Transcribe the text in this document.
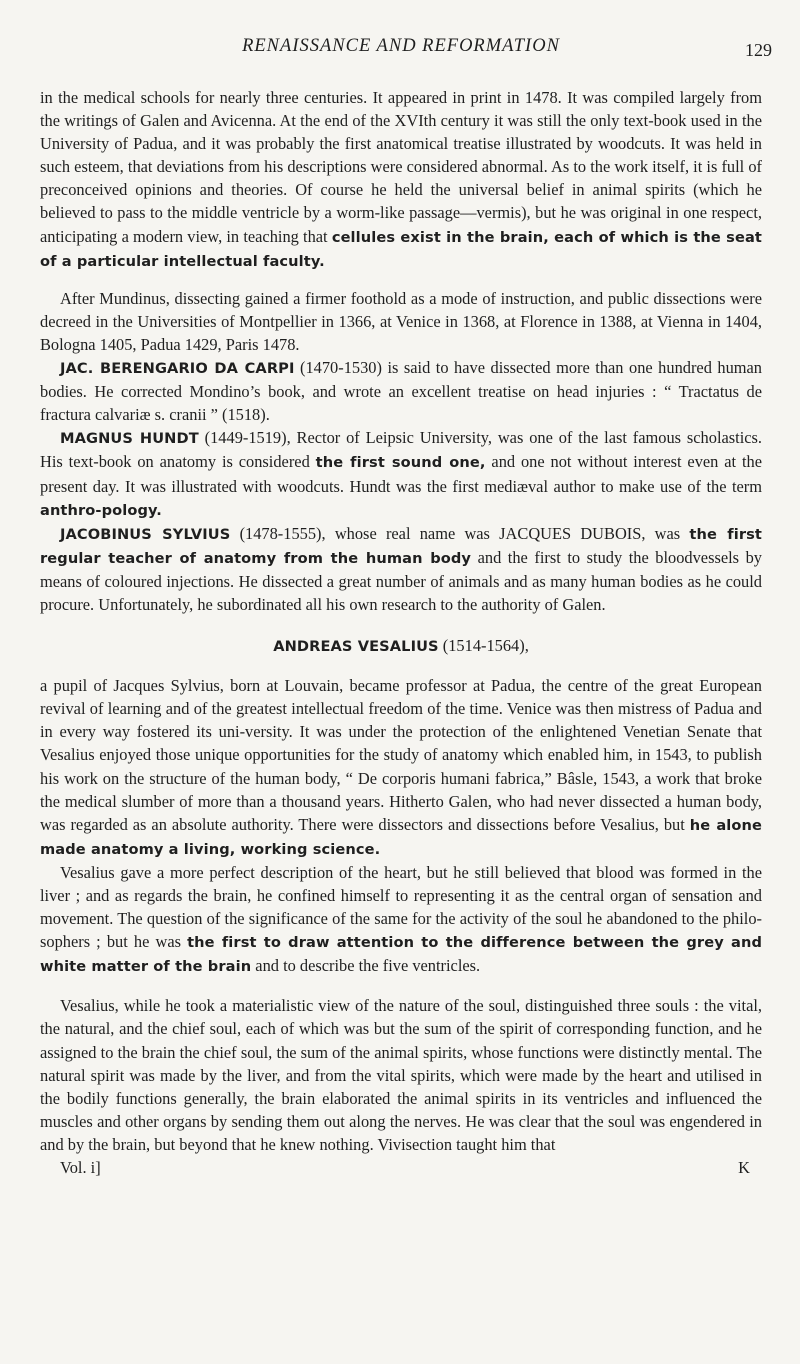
RENAISSANCE AND REFORMATION	129

in the medical schools for nearly three centuries. It appeared in print in 1478. It was compiled largely from the writings of Galen and Avicenna. At the end of the XVIth century it was still the only text-book used in the University of Padua, and it was probably the first anatomical treatise illustrated by woodcuts. It was held in such esteem, that deviations from his descriptions were considered abnormal. As to the work itself, it is full of preconceived opinions and theories. Of course he held the universal belief in animal spirits (which he believed to pass to the middle ventricle by a worm-like passage—vermis), but he was original in one respect, anticipating a modern view, in teaching that cellules exist in the brain, each of which is the seat of a particular intellectual faculty.

After Mundinus, dissecting gained a firmer foothold as a mode of instruction, and public dissections were decreed in the Universities of Montpellier in 1366, at Venice in 1368, at Florence in 1388, at Vienna in 1404, Bologna 1405, Padua 1429, Paris 1478.

JAC. BERENGARIO DA CARPI (1470-1530) is said to have dissected more than one hundred human bodies. He corrected Mondino’s book, and wrote an excellent treatise on head injuries : “ Tractatus de fractura calvariæ s. cranii ” (1518).

MAGNUS HUNDT (1449-1519), Rector of Leipsic University, was one of the last famous scholastics. His text-book on anatomy is considered the first sound one, and one not without interest even at the present day. It was illustrated with woodcuts. Hundt was the first mediæval author to make use of the term anthro-pology.

JACOBINUS SYLVIUS (1478-1555), whose real name was JACQUES DUBOIS, was the first regular teacher of anatomy from the human body and the first to study the bloodvessels by means of coloured injections. He dissected a great number of animals and as many human bodies as he could procure. Unfortunately, he subordinated all his own research to the authority of Galen.

ANDREAS VESALIUS (1514-1564),

a pupil of Jacques Sylvius, born at Louvain, became professor at Padua, the centre of the great European revival of learning and of the greatest intellectual freedom of the time. Venice was then mistress of Padua and in every way fostered its uni-versity. It was under the protection of the enlightened Venetian Senate that Vesalius enjoyed those unique opportunities for the study of anatomy which enabled him, in 1543, to publish his work on the structure of the human body, “ De corporis humani fabrica,” Bâsle, 1543, a work that broke the medical slumber of more than a thousand years. Hitherto Galen, who had never dissected a human body, was regarded as an absolute authority. There were dissectors and dissections before Vesalius, but he alone made anatomy a living, working science.

Vesalius gave a more perfect description of the heart, but he still believed that blood was formed in the liver ; and as regards the brain, he confined himself to representing it as the central organ of sensation and movement. The question of the significance of the same for the activity of the soul he abandoned to the philo-sophers ; but he was the first to draw attention to the difference between the grey and white matter of the brain and to describe the five ventricles.

Vesalius, while he took a materialistic view of the nature of the soul, distinguished three souls : the vital, the natural, and the chief soul, each of which was but the sum of the spirit of corresponding function, and he assigned to the brain the chief soul, the sum of the animal spirits, whose functions were distinctly mental. The natural spirit was made by the liver, and from the vital spirits, which were made by the heart and utilised in the bodily functions generally, the brain elaborated the animal spirits in its ventricles and influenced the muscles and other organs by sending them out along the nerves. He was clear that the soul was engendered in and by the brain, but beyond that he knew nothing. Vivisection taught him that

Vol. i]	K
